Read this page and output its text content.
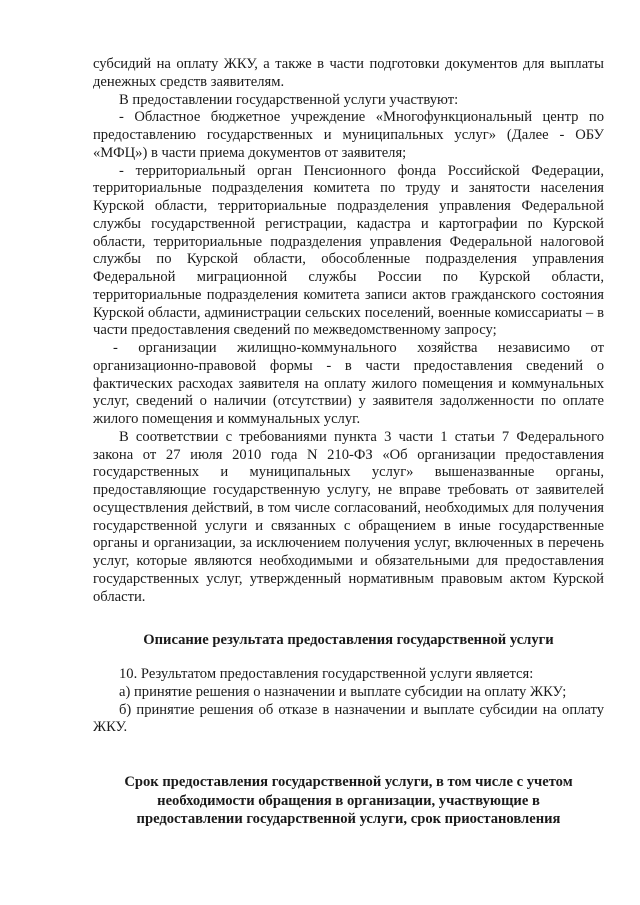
субсидий на оплату ЖКУ, а также в части подготовки документов для выплаты денежных средств заявителям.

В предоставлении государственной услуги участвуют:

- Областное бюджетное учреждение «Многофункциональный центр по предоставлению государственных и муниципальных услуг» (Далее - ОБУ «МФЦ») в части приема документов от заявителя;

- территориальный орган Пенсионного фонда Российской Федерации, территориальные подразделения комитета по труду и занятости населения Курской области, территориальные подразделения управления Федеральной службы государственной регистрации, кадастра и картографии по Курской области, территориальные подразделения управления Федеральной налоговой службы по Курской области, обособленные подразделения управления Федеральной миграционной службы России по Курской области, территориальные подразделения комитета записи актов гражданского состояния Курской области, администрации сельских поселений, военные комиссариаты – в части предоставления сведений по межведомственному запросу;

- организации жилищно-коммунального хозяйства независимо от организационно-правовой формы - в части предоставления сведений о фактических расходах заявителя на оплату жилого помещения и коммунальных услуг, сведений о наличии (отсутствии) у заявителя задолженности по оплате жилого помещения и коммунальных услуг.

В соответствии с требованиями пункта 3 части 1 статьи 7 Федерального закона от 27 июля 2010 года N 210-ФЗ «Об организации предоставления государственных и муниципальных услуг» вышеназванные органы, предоставляющие государственную услугу, не вправе требовать от заявителей осуществления действий, в том числе согласований, необходимых для получения государственной услуги и связанных с обращением в иные государственные органы и организации, за исключением получения услуг, включенных в перечень услуг, которые являются необходимыми и обязательными для предоставления государственных услуг, утвержденный нормативным правовым актом Курской области.

Описание результата предоставления государственной услуги

10. Результатом предоставления государственной услуги является:

а) принятие решения о назначении и выплате субсидии на оплату ЖКУ;

б) принятие решения об отказе в назначении и выплате субсидии на оплату ЖКУ.

Срок предоставления государственной услуги, в том числе с учетом
необходимости обращения в организации, участвующие в
предоставлении государственной услуги, срок приостановления
